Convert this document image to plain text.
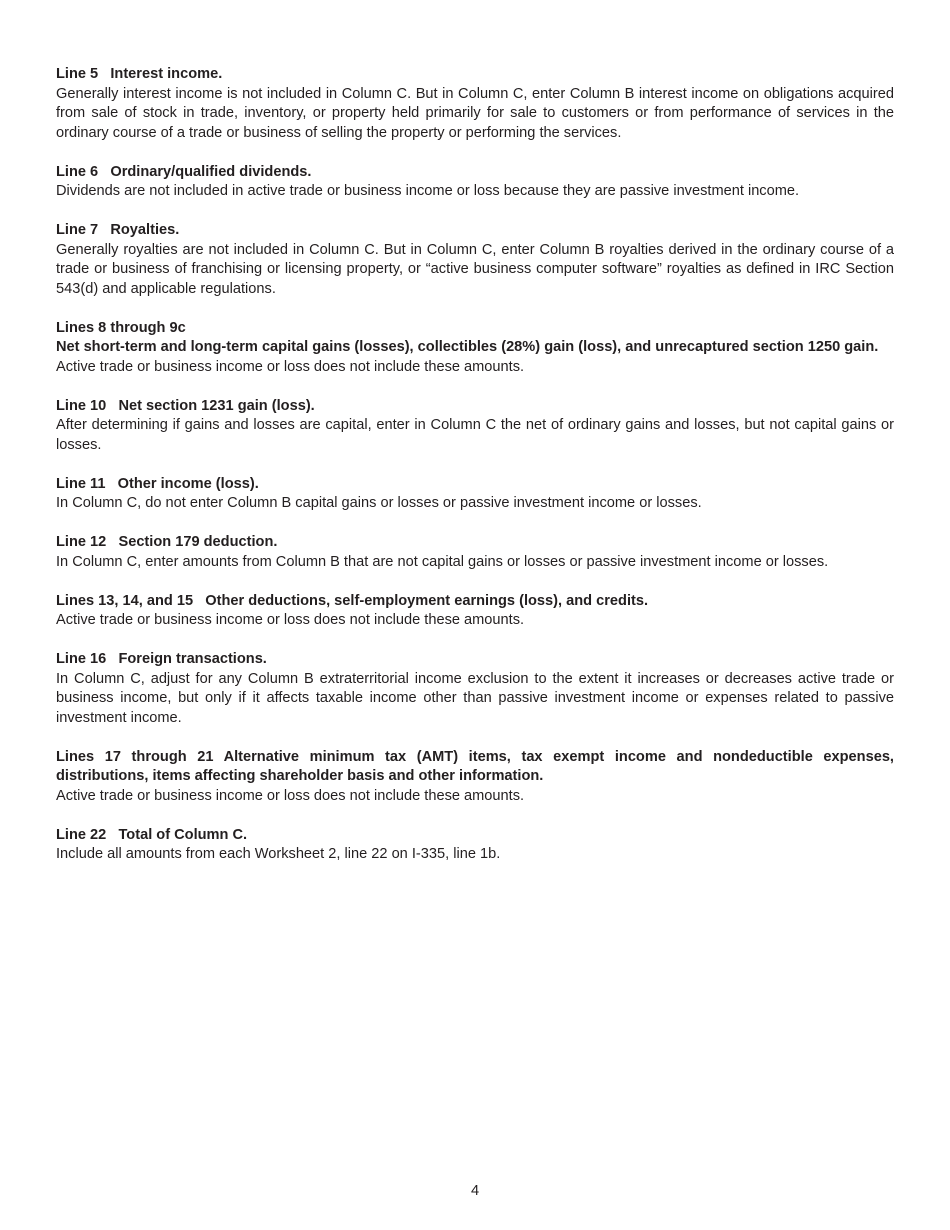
Line 5 Interest income.
Generally interest income is not included in Column C. But in Column C, enter Column B interest income on obligations acquired from sale of stock in trade, inventory, or property held primarily for sale to customers or from performance of services in the ordinary course of a trade or business of selling the property or performing the services.
Line 6 Ordinary/qualified dividends.
Dividends are not included in active trade or business income or loss because they are passive investment income.
Line 7 Royalties.
Generally royalties are not included in Column C. But in Column C, enter Column B royalties derived in the ordinary course of a trade or business of franchising or licensing property, or “active business computer software” royalties as defined in IRC Section 543(d) and applicable regulations.
Lines 8 through 9c
Net short-term and long-term capital gains (losses), collectibles (28%) gain (loss), and unrecaptured section 1250 gain.
Active trade or business income or loss does not include these amounts.
Line 10 Net section 1231 gain (loss).
After determining if gains and losses are capital, enter in Column C the net of ordinary gains and losses, but not capital gains or losses.
Line 11 Other income (loss).
In Column C, do not enter Column B capital gains or losses or passive investment income or losses.
Line 12 Section 179 deduction.
In Column C, enter amounts from Column B that are not capital gains or losses or passive investment income or losses.
Lines 13, 14, and 15 Other deductions, self-employment earnings (loss), and credits.
Active trade or business income or loss does not include these amounts.
Line 16 Foreign transactions.
In Column C, adjust for any Column B extraterritorial income exclusion to the extent it increases or decreases active trade or business income, but only if it affects taxable income other than passive investment income or expenses related to passive investment income.
Lines 17 through 21 Alternative minimum tax (AMT) items, tax exempt income and nondeductible expenses, distributions, items affecting shareholder basis and other information.
Active trade or business income or loss does not include these amounts.
Line 22 Total of Column C.
Include all amounts from each Worksheet 2, line 22 on I-335, line 1b.
4
